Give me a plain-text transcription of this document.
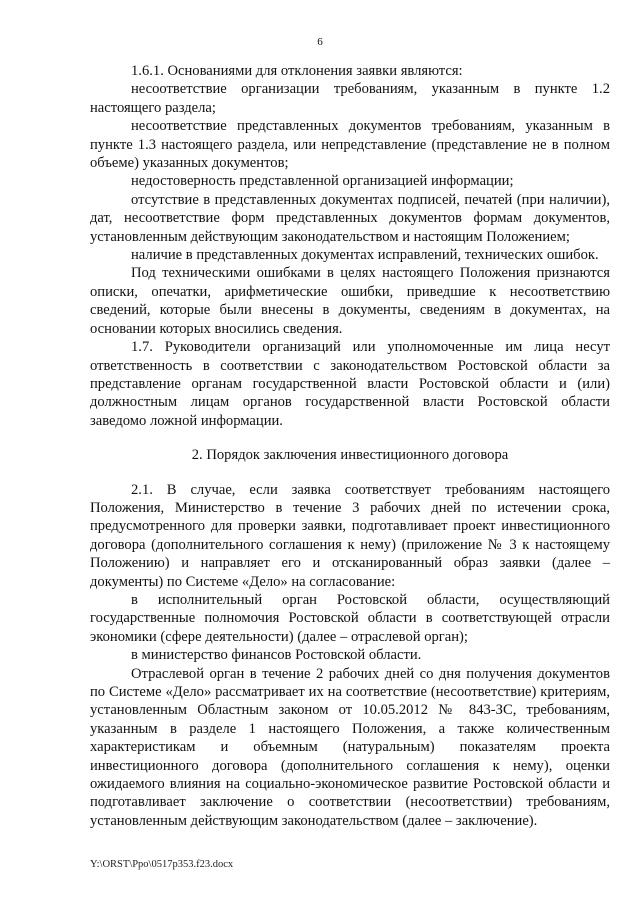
6

1.6.1. Основаниями для отклонения заявки являются:

несоответствие организации требованиям, указанным в пункте 1.2 настоящего раздела;

несоответствие представленных документов требованиям, указанным в пункте 1.3 настоящего раздела, или непредставление (представление не в полном объеме) указанных документов;

недостоверность представленной организацией информации;

отсутствие в представленных документах подписей, печатей (при наличии), дат, несоответствие форм представленных документов формам документов, установленным действующим законодательством и настоящим Положением;

наличие в представленных документах исправлений, технических ошибок.

Под техническими ошибками в целях настоящего Положения признаются описки, опечатки, арифметические ошибки, приведшие к несоответствию сведений, которые были внесены в документы, сведениям в документах, на основании которых вносились сведения.

1.7. Руководители организаций или уполномоченные им лица несут ответственность в соответствии с законодательством Ростовской области за представление органам государственной власти Ростовской области и (или) должностным лицам органов государственной власти Ростовской области заведомо ложной информации.

2. Порядок заключения инвестиционного договора

2.1. В случае, если заявка соответствует требованиям настоящего Положения, Министерство в течение 3 рабочих дней по истечении срока, предусмотренного для проверки заявки, подготавливает проект инвестиционного договора (дополнительного соглашения к нему) (приложение № 3 к настоящему Положению) и направляет его и отсканированный образ заявки (далее – документы) по Системе «Дело» на согласование:

в исполнительный орган Ростовской области, осуществляющий государственные полномочия Ростовской области в соответствующей отрасли экономики (сфере деятельности) (далее – отраслевой орган);

в министерство финансов Ростовской области.

Отраслевой орган в течение 2 рабочих дней со дня получения документов по Системе «Дело» рассматривает их на соответствие (несоответствие) критериям, установленным Областным законом от 10.05.2012 № 843-ЗС, требованиям, указанным в разделе 1 настоящего Положения, а также количественным характеристикам и объемным (натуральным) показателям проекта инвестиционного договора (дополнительного соглашения к нему), оценки ожидаемого влияния на социально-экономическое развитие Ростовской области и подготавливает заключение о соответствии (несоответствии) требованиям, установленным действующим законодательством (далее – заключение).

Y:\ORST\Ppo\0517p353.f23.docx
